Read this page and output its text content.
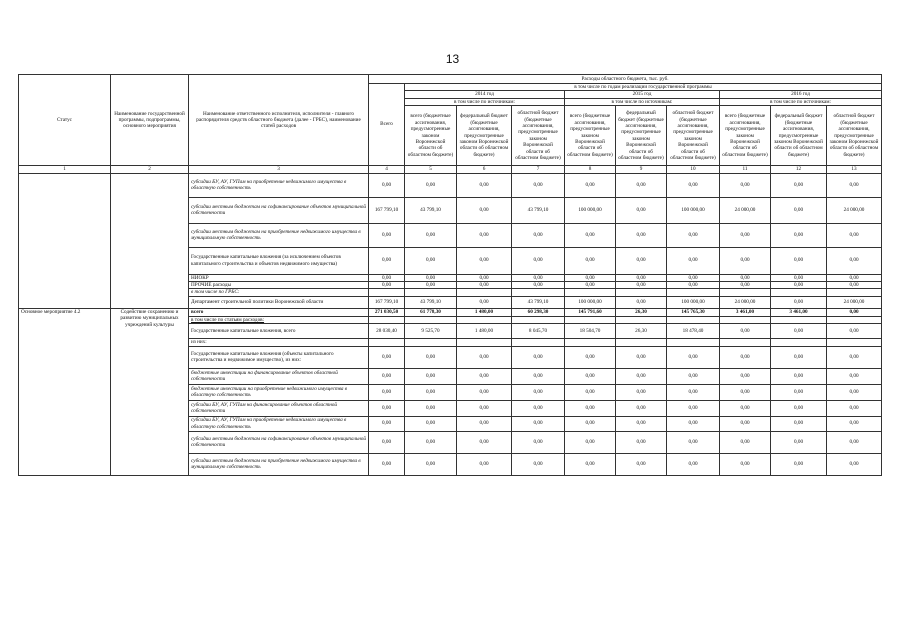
13
Статус	Наименование государственной программы, подпрограммы, основного мероприятия	Наименование ответственного исполнителя, исполнителя - главного распорядителя средств областного бюджета (далее - ГРБС), наименование статей расходов	Расходы областного бюджета, тыс. руб.									
			Всего	в том числе по годам реализации государственной программы								
				2014 год			2015 год			2016 год		
				в том числе по источникам:			в том числе по источникам:			в том числе по источникам:		
				всего (бюджетные ассигнования, предусмотренные законом Воронежской области об областном бюджете)	федеральный бюджет (бюджетные ассигнования, предусмотренные законом Воронежской области об областном бюджете)	областной бюджет (бюджетные ассигнования, предусмотренные законом Воронежской области об областном бюджете)	всего (бюджетные ассигнования, предусмотренные законом Воронежской области об областном бюджете)	федеральный бюджет (бюджетные ассигнования, предусмотренные законом Воронежской области об областном бюджете)	областной бюджет (бюджетные ассигнования, предусмотренные законом Воронежской области об областном бюджете)	всего (бюджетные ассигнования, предусмотренные законом Воронежской области об областном бюджете)	федеральный бюджет (бюджетные ассигнования, предусмотренные законом Воронежской области об областном бюджете)	областной бюджет (бюджетные ассигнования, предусмотренные законом Воронежской области об областном бюджете)
1	2	3	4	5	6	7	8	9	10	11	12	13
		субсидии БУ, АУ, ГУПам на приобретение недвижимого имущества в областную собственность	0,00	0,00	0,00	0,00	0,00	0,00	0,00	0,00	0,00	0,00
		субсидии местным бюджетам на софинансирование объектов муниципальной собственности	167 799,10	43 799,10	0,00	43 799,10	100 000,00	0,00	100 000,00	24 000,00	0,00	24 000,00
		субсидии местным бюджетам на приобретение недвижимого имущества в муниципальную собственность	0,00	0,00	0,00	0,00	0,00	0,00	0,00	0,00	0,00	0,00
		Государственные капитальные вложения (за исключением объектов капитального строительства и объектов недвижимого имущества)	0,00	0,00	0,00	0,00	0,00	0,00	0,00	0,00	0,00	0,00
		НИОКР	0,00	0,00	0,00	0,00	0,00	0,00	0,00	0,00	0,00	0,00
		ПРОЧИЕ расходы	0,00	0,00	0,00	0,00	0,00	0,00	0,00	0,00	0,00	0,00
		в том числе по ГРБС:										
		Департамент строительной политики Воронежской области	167 799,10	43 799,10	0,00	43 799,10	100 000,00	0,00	100 000,00	24 000,00	0,00	24 000,00
Основное мероприятие 4.2	Содействие сохранению и развитию муниципальных учреждений культуры	всего	271 030,50	61 778,30	1 480,00	60 298,30	145 791,60	26,30	145 765,30	3 461,00	3 461,00	0,00
		в том числе по статьям расходов:										
		Государственные капитальные вложения, всего	28 030,40	9 525,70	1 480,00	8 045,70	18 504,70	26,30	18 478,40	0,00	0,00	0,00
		из них:										
		Государственные капитальные вложения (объекты капитального строительства и недвижимое имущество), из них:	0,00	0,00	0,00	0,00	0,00	0,00	0,00	0,00	0,00	0,00
		бюджетные инвестиции на финансирование объектов областной собственности	0,00	0,00	0,00	0,00	0,00	0,00	0,00	0,00	0,00	0,00
		бюджетные инвестиции на приобретение недвижимого имущества в областную собственность	0,00	0,00	0,00	0,00	0,00	0,00	0,00	0,00	0,00	0,00
		субсидии БУ, АУ, ГУПам на финансирование объектов областной собственности	0,00	0,00	0,00	0,00	0,00	0,00	0,00	0,00	0,00	0,00
		субсидии БУ, АУ, ГУПам на приобретение недвижимого имущества в областную собственность	0,00	0,00	0,00	0,00	0,00	0,00	0,00	0,00	0,00	0,00
		субсидии местным бюджетам на софинансирование объектов муниципальной собственности	0,00	0,00	0,00	0,00	0,00	0,00	0,00	0,00	0,00	0,00
		субсидии местным бюджетам на приобретение недвижимого имущества в муниципальную собственность	0,00	0,00	0,00	0,00	0,00	0,00	0,00	0,00	0,00	0,00
